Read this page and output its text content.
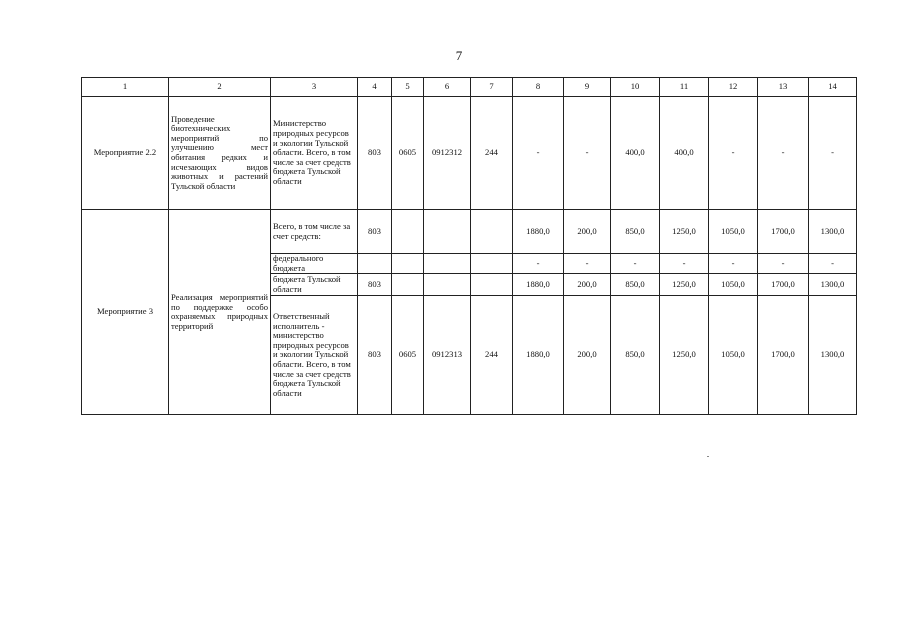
7
1	2	3	4	5	6	7	8	9	10	11	12	13	14
Мероприятие 2.2	Проведение биотехнических мероприятий по улучшению мест обитания редких и исчезающих видов животных и растений Тульской области	Министерство природных ресурсов и экологии Тульской области. Всего, в том числе за счет средств бюджета Тульской области	803	0605	0912312	244	-	-	400,0	400,0	-	-	-
Мероприятие 3	Реализация мероприятий по поддержке особо охраняемых природных территорий	Всего, в том числе за счет средств:	803				1880,0	200,0	850,0	1250,0	1050,0	1700,0	1300,0
		федерального бюджета					-	-	-	-	-	-	-
		бюджета Тульской области	803				1880,0	200,0	850,0	1250,0	1050,0	1700,0	1300,0
		Ответственный исполнитель - министерство природных ресурсов и экологии Тульской области. Всего, в том числе за счет средств бюджета Тульской области	803	0605	0912313	244	1880,0	200,0	850,0	1250,0	1050,0	1700,0	1300,0
